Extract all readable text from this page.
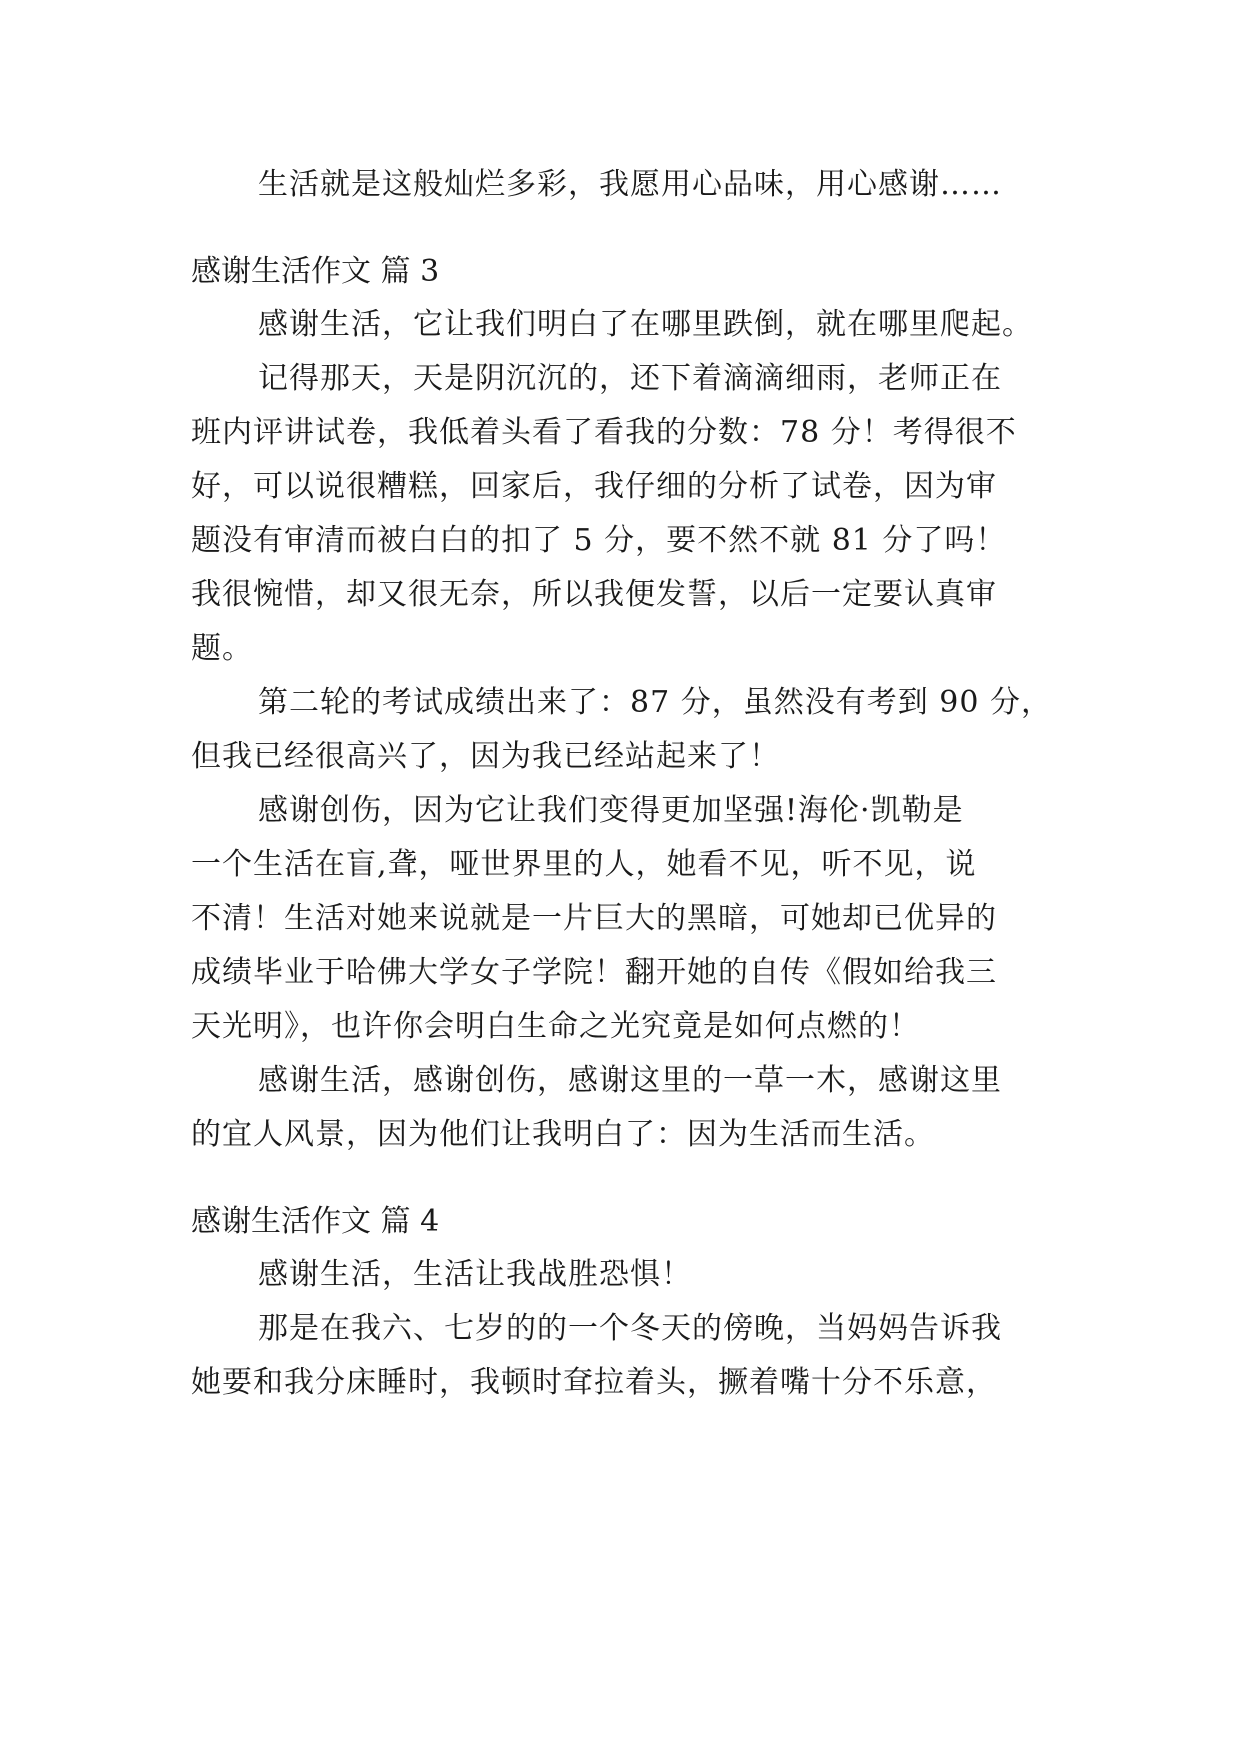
生活就是这般灿烂多彩，我愿用心品味，用心感谢……
感谢生活作文 篇 3
感谢生活，它让我们明白了在哪里跌倒，就在哪里爬起。
记得那天，天是阴沉沉的，还下着滴滴细雨，老师正在
班内评讲试卷，我低着头看了看我的分数：78 分！考得很不
好，可以说很糟糕，回家后，我仔细的分析了试卷，因为审
题没有审清而被白白的扣了 5 分，要不然不就 81 分了吗！
我很惋惜，却又很无奈，所以我便发誓，以后一定要认真审
题。
第二轮的考试成绩出来了：87 分，虽然没有考到 90 分，
但我已经很高兴了，因为我已经站起来了！
感谢创伤，因为它让我们变得更加坚强!海伦·凯勒是
一个生活在盲,聋，哑世界里的人，她看不见，听不见，说
不清！生活对她来说就是一片巨大的黑暗，可她却已优异的
成绩毕业于哈佛大学女子学院！翻开她的自传《假如给我三
天光明》，也许你会明白生命之光究竟是如何点燃的！
感谢生活，感谢创伤，感谢这里的一草一木，感谢这里
的宜人风景，因为他们让我明白了：因为生活而生活。
感谢生活作文 篇 4
感谢生活，生活让我战胜恐惧！
那是在我六、七岁的的一个冬天的傍晚，当妈妈告诉我
她要和我分床睡时，我顿时耷拉着头，撅着嘴十分不乐意，
